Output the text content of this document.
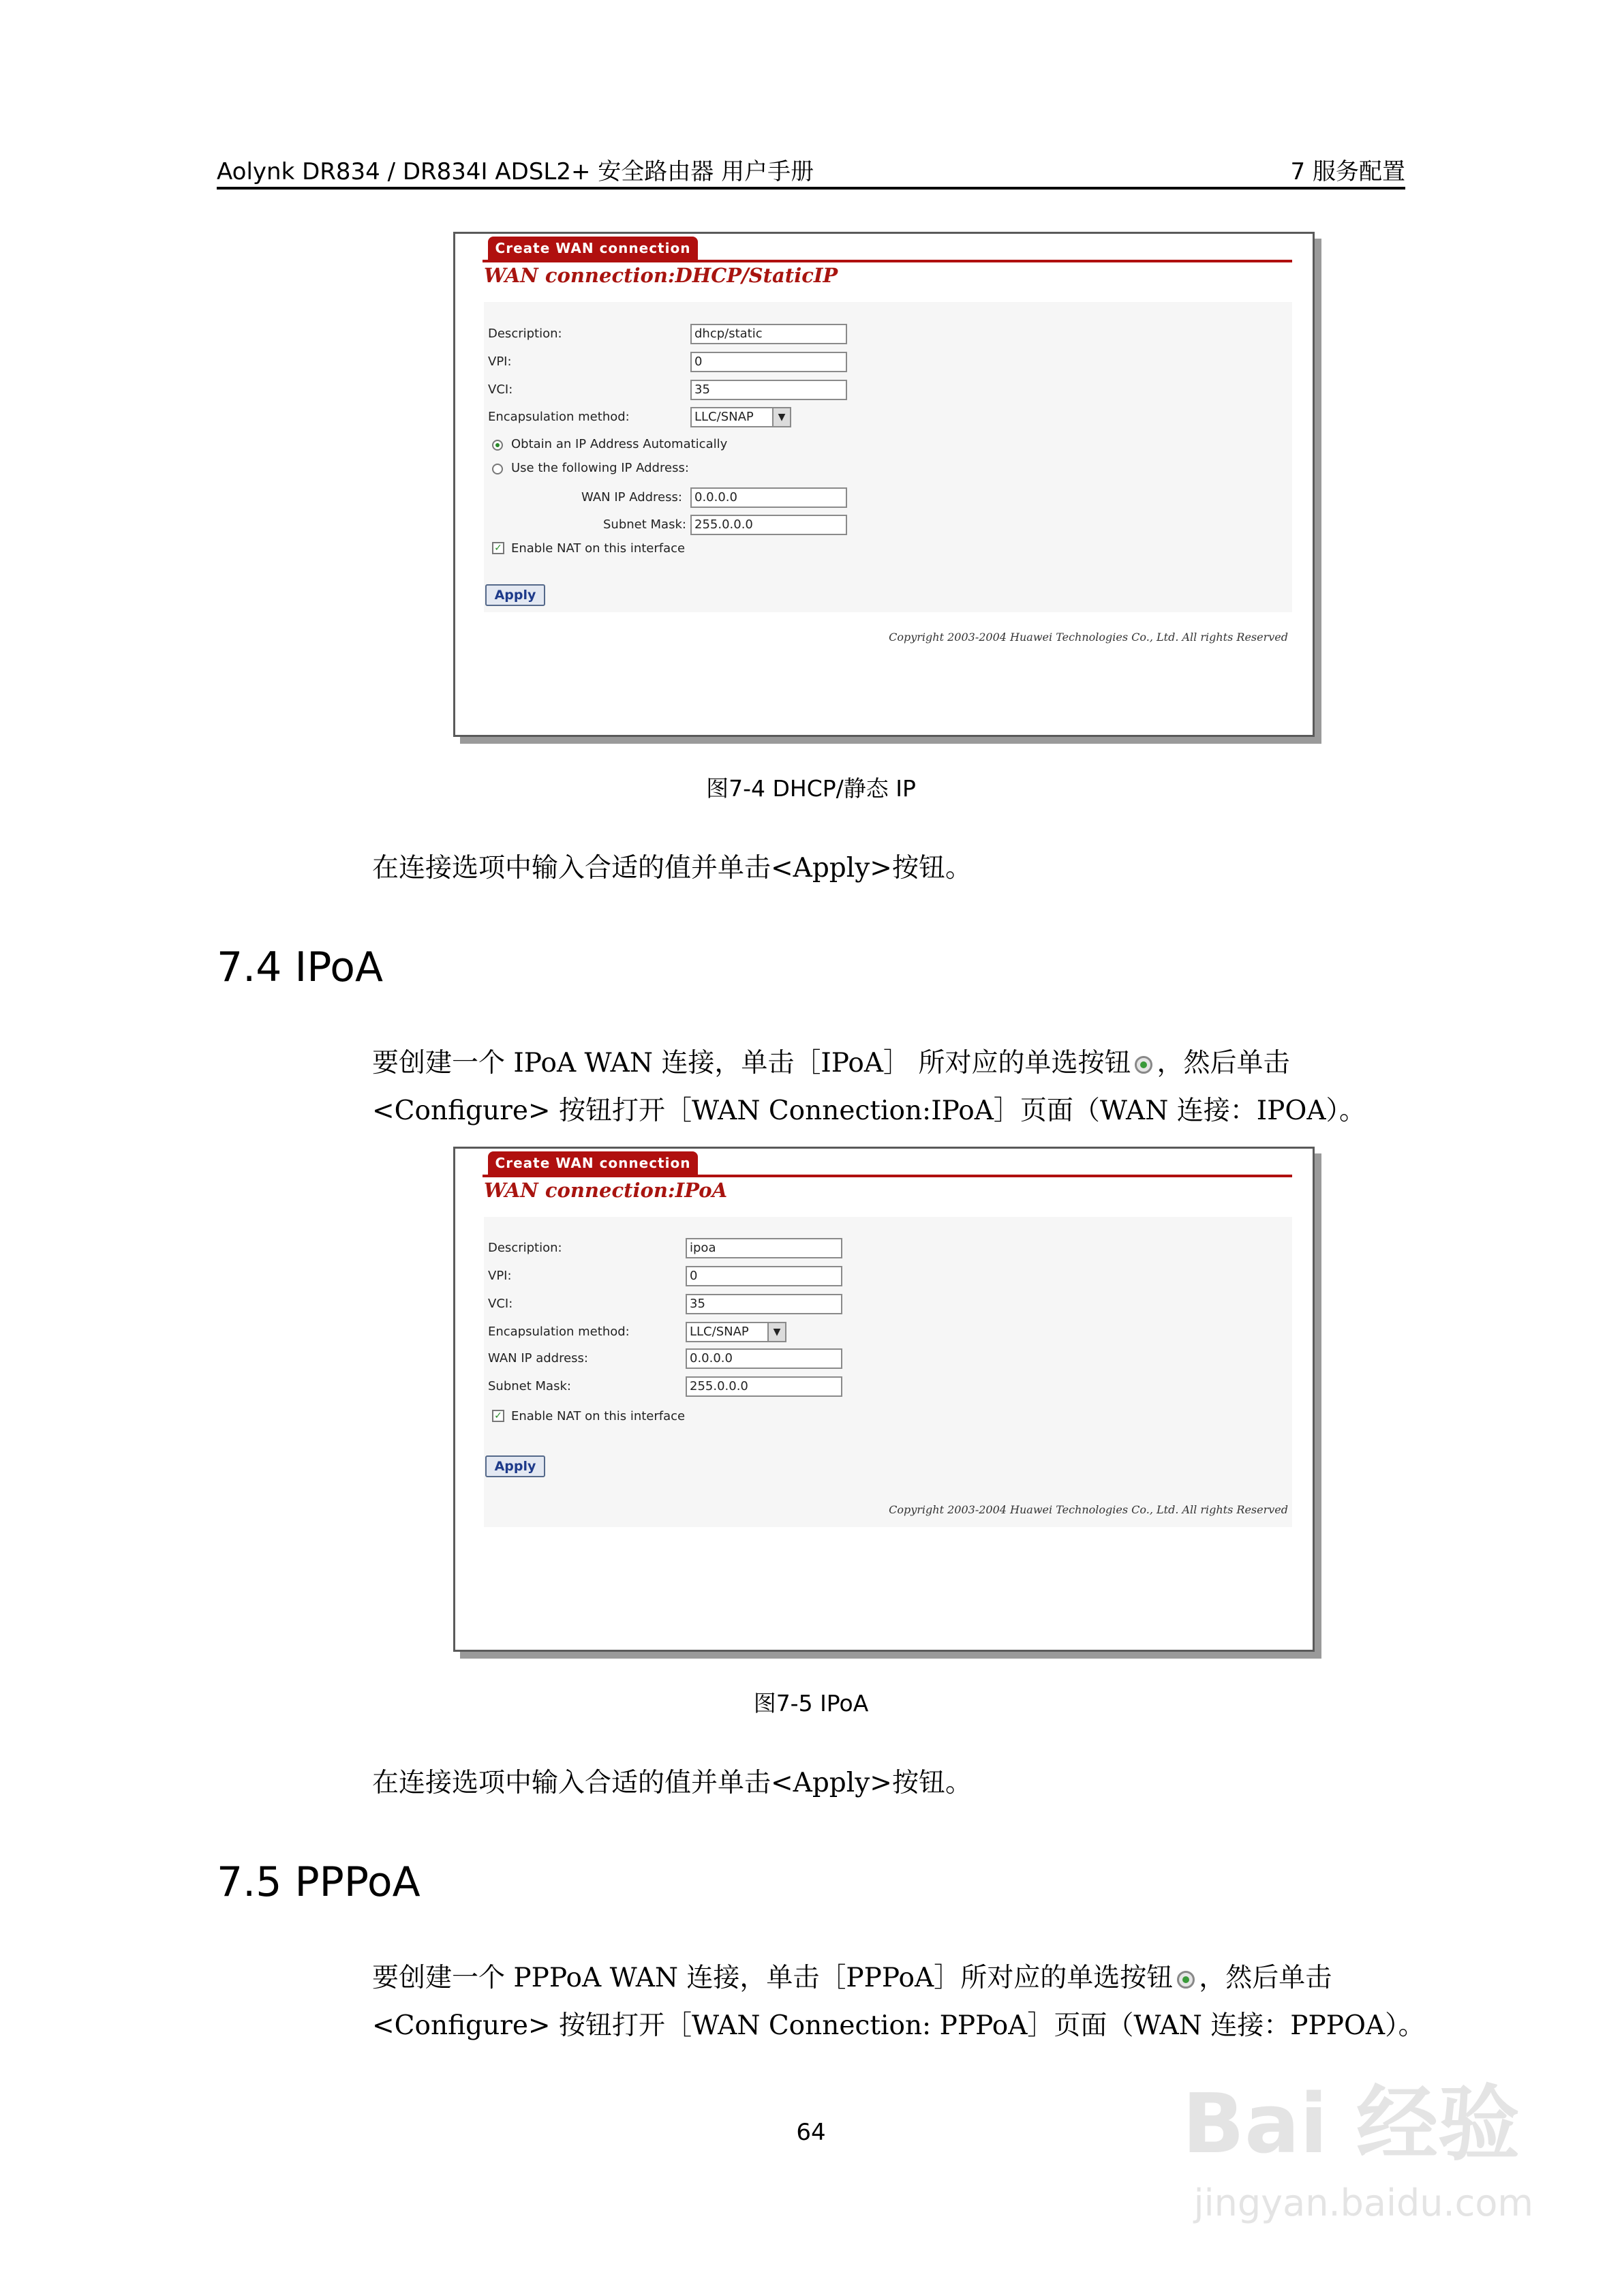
Aolynk DR834 / DR834I ADSL2+ 安全路由器 用户手册	7 服务配置
Create WAN connection
WAN connection:DHCP/StaticIP
Description:	dhcp/static
VPI:	0
VCI:	35
Encapsulation method:	LLC/SNAP	▼
Obtain an IP Address Automatically
Use the following IP Address:
WAN IP Address:	0.0.0.0
Subnet Mask: 255.0.0.0
✓ Enable NAT on this interface
Apply
Copyright 2003-2004 Huawei Technologies Co., Ltd. All rights Reserved
图7-4 DHCP/静态 IP
在连接选项中输入合适的值并单击<Apply>按钮。
7.4 IPoA
要创建一个 IPoA WAN 连接，单击［IPoA］ 所对应的单选按钮 ，然后单击
<Configure> 按钮打开［WAN Connection:IPoA］页面（WAN 连接：IPOA）。
Create WAN connection
WAN connection:IPoA
Description:	ipoa
VPI:	0
VCI:	35
Encapsulation method:	LLC/SNAP	▼
WAN IP address:	0.0.0.0
Subnet Mask:	255.0.0.0
✓ Enable NAT on this interface
Apply
Copyright 2003-2004 Huawei Technologies Co., Ltd. All rights Reserved
图7-5 IPoA
在连接选项中输入合适的值并单击<Apply>按钮。
7.5 PPPoA
要创建一个 PPPoA WAN 连接，单击［PPPoA］所对应的单选按钮 ，然后单击
<Configure> 按钮打开［WAN Connection: PPPoA］页面（WAN 连接：PPPOA）。
64	Bai 经验
jingyan.baidu.com
